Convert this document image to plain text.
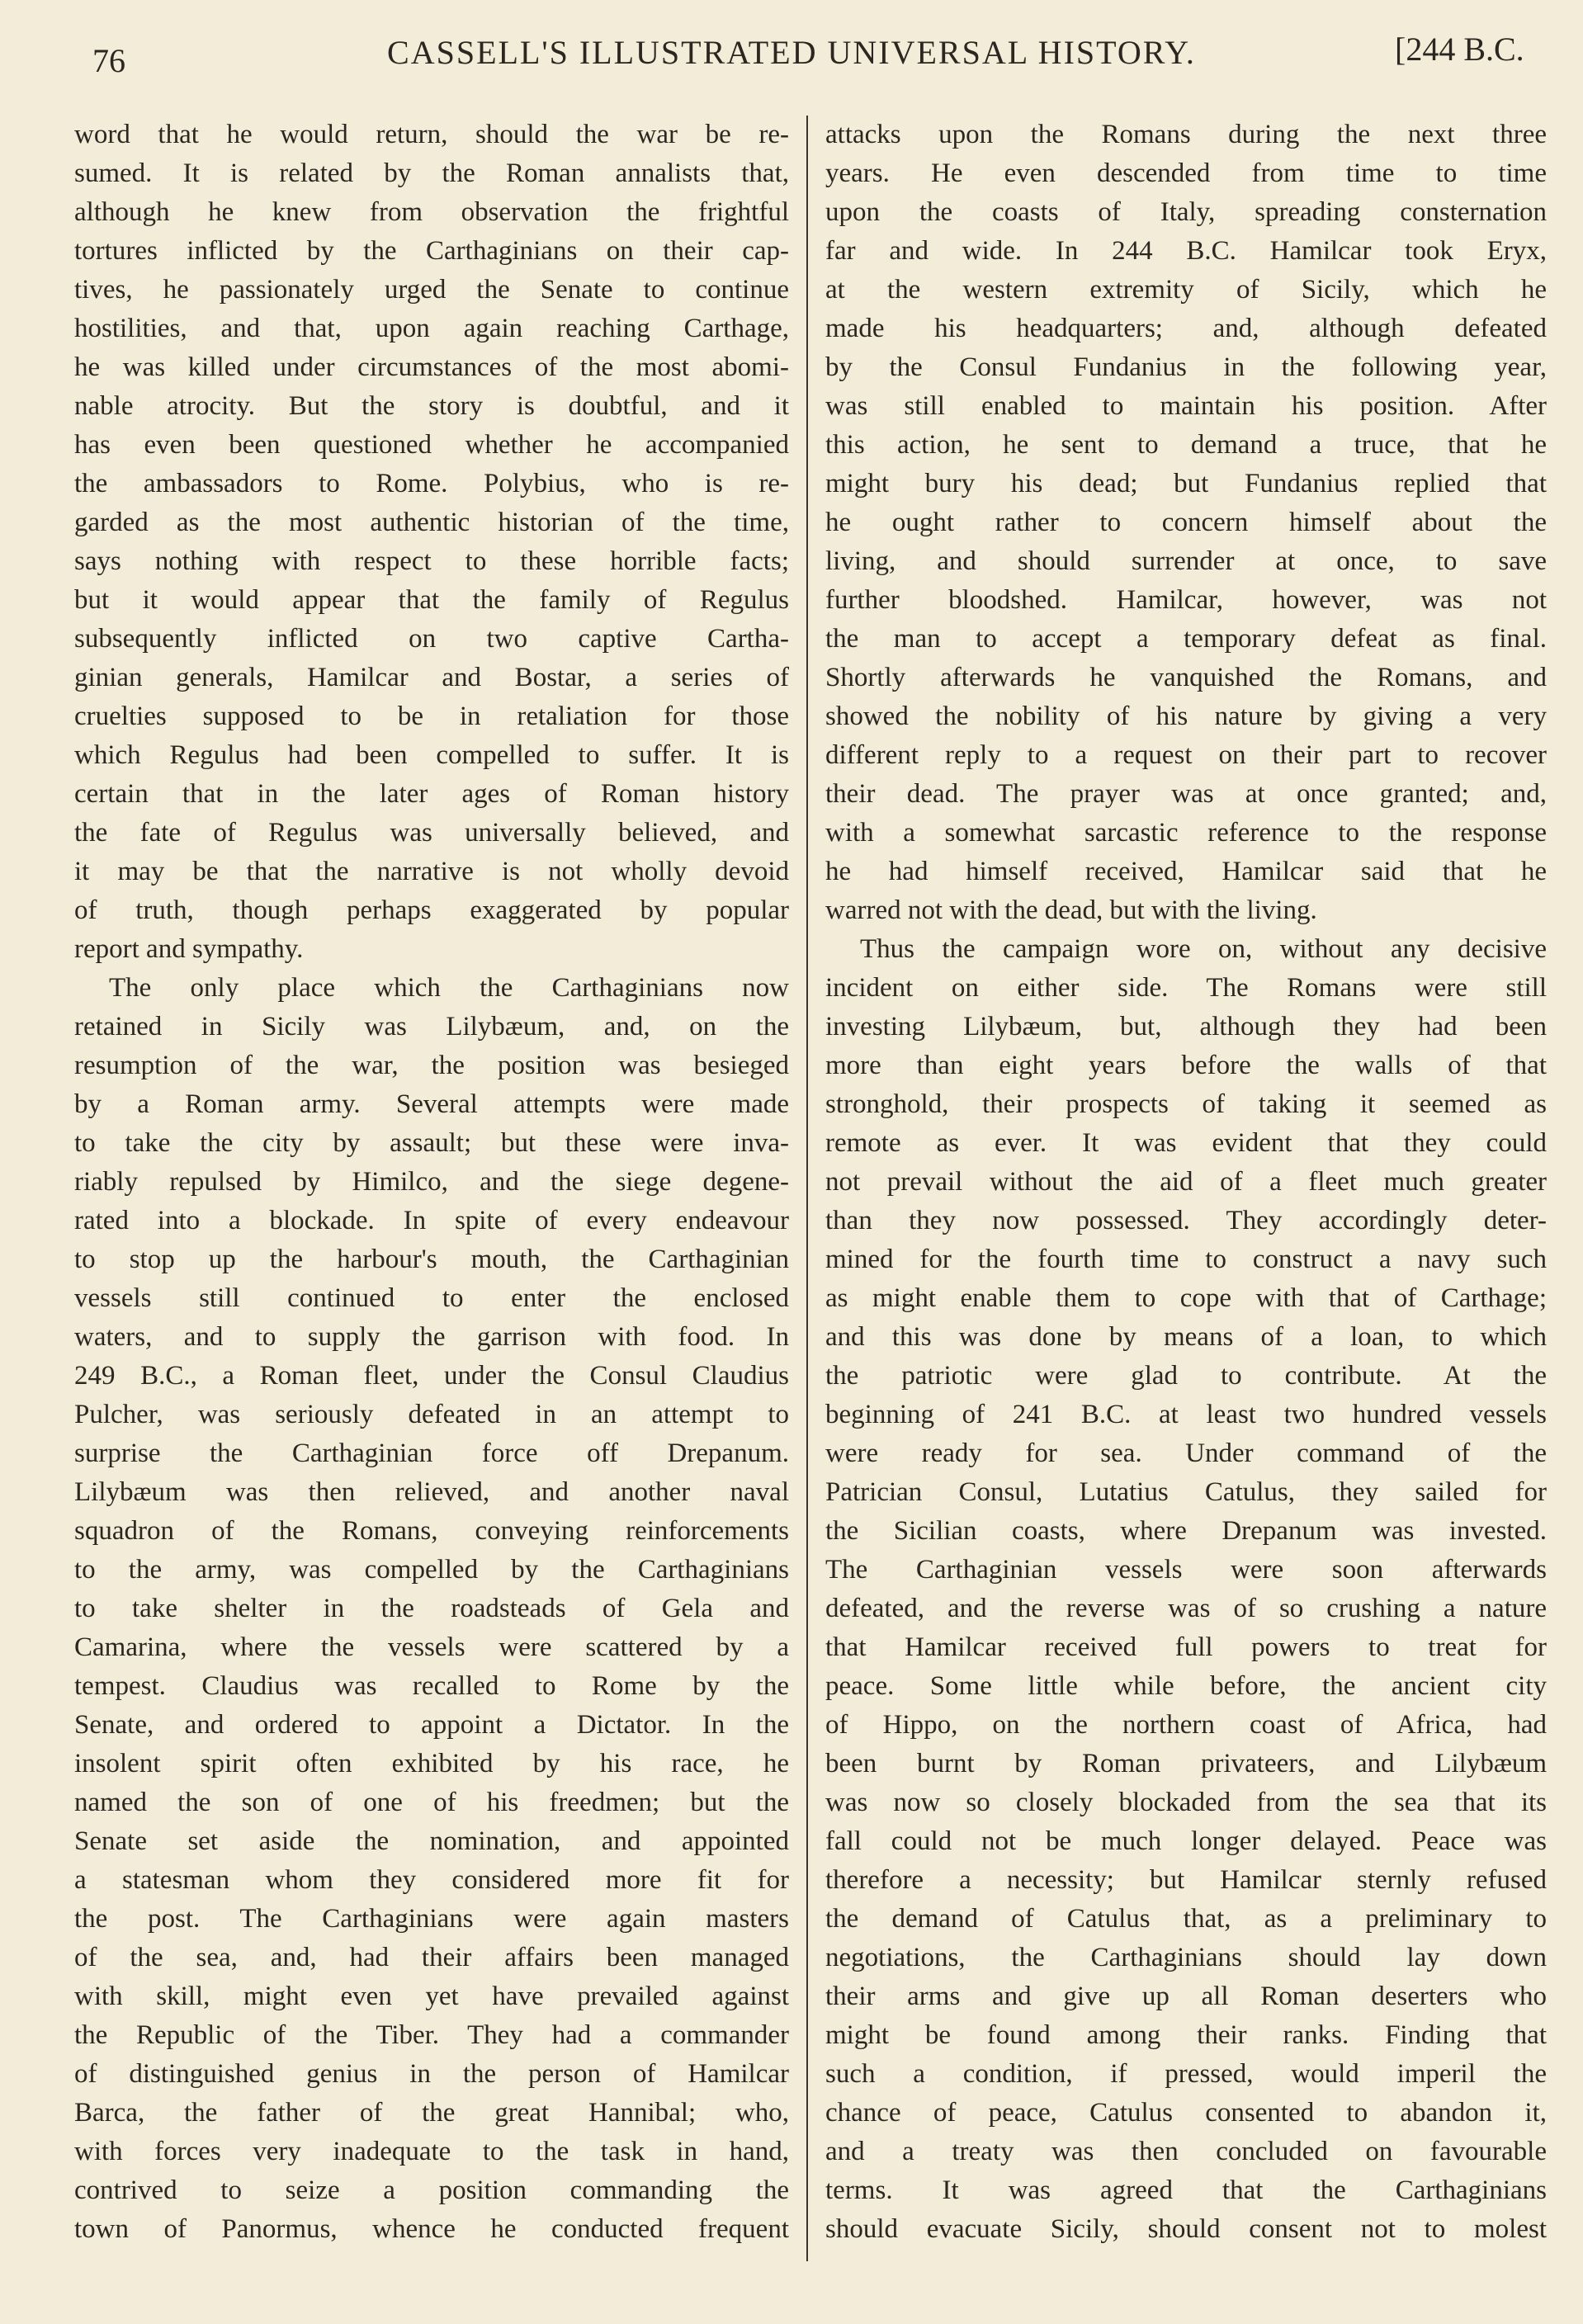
76	CASSELL'S ILLUSTRATED UNIVERSAL HISTORY.	[244 B.C.
word that he would return, should the war be re-
sumed. It is related by the Roman annalists that,
although he knew from observation the frightful
tortures inflicted by the Carthaginians on their cap-
tives, he passionately urged the Senate to continue
hostilities, and that, upon again reaching Carthage,
he was killed under circumstances of the most abomi-
nable atrocity. But the story is doubtful, and it
has even been questioned whether he accompanied
the ambassadors to Rome. Polybius, who is re-
garded as the most authentic historian of the time,
says nothing with respect to these horrible facts;
but it would appear that the family of Regulus
subsequently inflicted on two captive Cartha-
ginian generals, Hamilcar and Bostar, a series of
cruelties supposed to be in retaliation for those
which Regulus had been compelled to suffer. It is
certain that in the later ages of Roman history
the fate of Regulus was universally believed, and
it may be that the narrative is not wholly devoid
of truth, though perhaps exaggerated by popular
report and sympathy.
The only place which the Carthaginians now
retained in Sicily was Lilybæum, and, on the
resumption of the war, the position was besieged
by a Roman army. Several attempts were made
to take the city by assault; but these were inva-
riably repulsed by Himilco, and the siege degene-
rated into a blockade. In spite of every endeavour
to stop up the harbour's mouth, the Carthaginian
vessels still continued to enter the enclosed
waters, and to supply the garrison with food. In
249 B.C., a Roman fleet, under the Consul Claudius
Pulcher, was seriously defeated in an attempt to
surprise the Carthaginian force off Drepanum.
Lilybæum was then relieved, and another naval
squadron of the Romans, conveying reinforcements
to the army, was compelled by the Carthaginians
to take shelter in the roadsteads of Gela and
Camarina, where the vessels were scattered by a
tempest. Claudius was recalled to Rome by the
Senate, and ordered to appoint a Dictator. In the
insolent spirit often exhibited by his race, he
named the son of one of his freedmen; but the
Senate set aside the nomination, and appointed
a statesman whom they considered more fit for
the post. The Carthaginians were again masters
of the sea, and, had their affairs been managed
with skill, might even yet have prevailed against
the Republic of the Tiber. They had a commander
of distinguished genius in the person of Hamilcar
Barca, the father of the great Hannibal; who,
with forces very inadequate to the task in hand,
contrived to seize a position commanding the
town of Panormus, whence he conducted frequent
attacks upon the Romans during the next three
years. He even descended from time to time
upon the coasts of Italy, spreading consternation
far and wide. In 244 B.C. Hamilcar took Eryx,
at the western extremity of Sicily, which he
made his headquarters; and, although defeated
by the Consul Fundanius in the following year,
was still enabled to maintain his position. After
this action, he sent to demand a truce, that he
might bury his dead; but Fundanius replied that
he ought rather to concern himself about the
living, and should surrender at once, to save
further bloodshed. Hamilcar, however, was not
the man to accept a temporary defeat as final.
Shortly afterwards he vanquished the Romans, and
showed the nobility of his nature by giving a very
different reply to a request on their part to recover
their dead. The prayer was at once granted; and,
with a somewhat sarcastic reference to the response
he had himself received, Hamilcar said that he
warred not with the dead, but with the living.
Thus the campaign wore on, without any decisive
incident on either side. The Romans were still
investing Lilybæum, but, although they had been
more than eight years before the walls of that
stronghold, their prospects of taking it seemed as
remote as ever. It was evident that they could
not prevail without the aid of a fleet much greater
than they now possessed. They accordingly deter-
mined for the fourth time to construct a navy such
as might enable them to cope with that of Carthage;
and this was done by means of a loan, to which
the patriotic were glad to contribute. At the
beginning of 241 B.C. at least two hundred vessels
were ready for sea. Under command of the
Patrician Consul, Lutatius Catulus, they sailed for
the Sicilian coasts, where Drepanum was invested.
The Carthaginian vessels were soon afterwards
defeated, and the reverse was of so crushing a nature
that Hamilcar received full powers to treat for
peace. Some little while before, the ancient city
of Hippo, on the northern coast of Africa, had
been burnt by Roman privateers, and Lilybæum
was now so closely blockaded from the sea that its
fall could not be much longer delayed. Peace was
therefore a necessity; but Hamilcar sternly refused
the demand of Catulus that, as a preliminary to
negotiations, the Carthaginians should lay down
their arms and give up all Roman deserters who
might be found among their ranks. Finding that
such a condition, if pressed, would imperil the
chance of peace, Catulus consented to abandon it,
and a treaty was then concluded on favourable
terms. It was agreed that the Carthaginians
should evacuate Sicily, should consent not to molest
